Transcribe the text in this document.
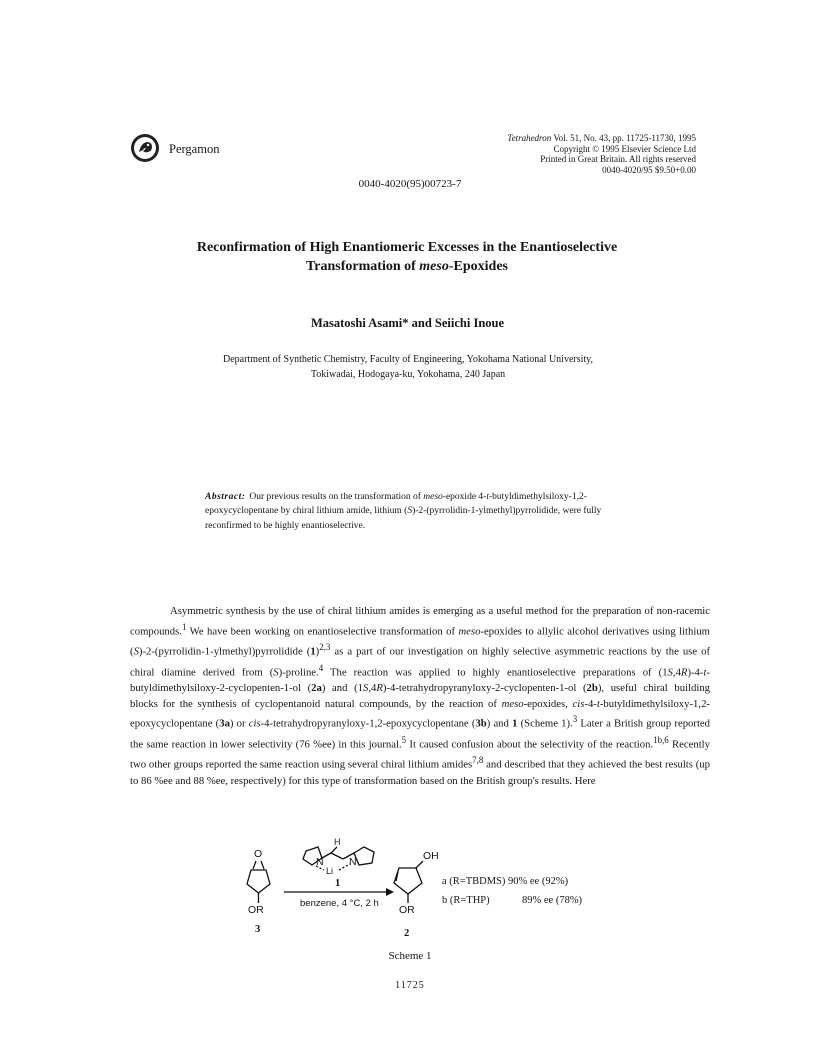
Pergamon
Tetrahedron Vol. 51, No. 43, pp. 11725-11730, 1995
Copyright © 1995 Elsevier Science Ltd
Printed in Great Britain. All rights reserved
0040-4020/95 $9.50+0.00
0040-4020(95)00723-7
Reconfirmation of High Enantiomeric Excesses in the Enantioselective
Transformation of meso-Epoxides
Masatoshi Asami* and Seiichi Inoue
Department of Synthetic Chemistry, Faculty of Engineering, Yokohama National University,
Tokiwadai, Hodogaya-ku, Yokohama, 240 Japan
Abstract: Our previous results on the transformation of meso-epoxide 4-t-butyldimethylsiloxy-1,2-epoxycyclopentane by chiral lithium amide, lithium (S)-2-(pyrrolidin-1-ylmethyl)pyrrolidide, were fully reconfirmed to be highly enantioselective.

Asymmetric synthesis by the use of chiral lithium amides is emerging as a useful method for the preparation of non-racemic compounds.$^1$ We have been working on enantioselective transformation of meso-epoxides to allylic alcohol derivatives using lithium (S)-2-(pyrrolidin-1-ylmethyl)pyrrolidide $(1)^{2,3}$ as a part of our investigation on highly selective asymmetric reactions by the use of chiral diamine derived from (S)-proline.$^4$ The reaction was applied to highly enantioselective preparations of (1S,4R)-4-t-butyldimethylsiloxy-2-cyclopenten-1-ol (2a) and (1S,4R)-4-tetrahydropyranyloxy-2-cyclopenten-1-ol (2b), useful chiral building blocks for the synthesis of cyclopentanoid natural compounds, by the reaction of meso-epoxides, cis-4-t-butyldimethylsiloxy-1,2-epoxycyclopentane (3a) or cis-4-tetrahydropyranyloxy-1,2-epoxycyclopentane (3b) and 1 (Scheme 1).$^3$ Later a British group reported the same reaction in lower selectivity (76 %ee) in this journal.$^5$ It caused confusion about the selectivity of the reaction.$^{1b,6}$ Recently two other groups reported the same reaction using several chiral lithium amides$^{7,8}$ and described that they achieved the best results (up to 86 %ee and 88 %ee, respectively) for this type of transformation based on the British group's results. Here

O
OR
N N
Li
H
benzene, 4 °C, 2 h
OR
OH
1
3	2
a (R=TBDMS) 90% ee (92%)
b (R=THP)	89% ee (78%)
Scheme 1
11725
